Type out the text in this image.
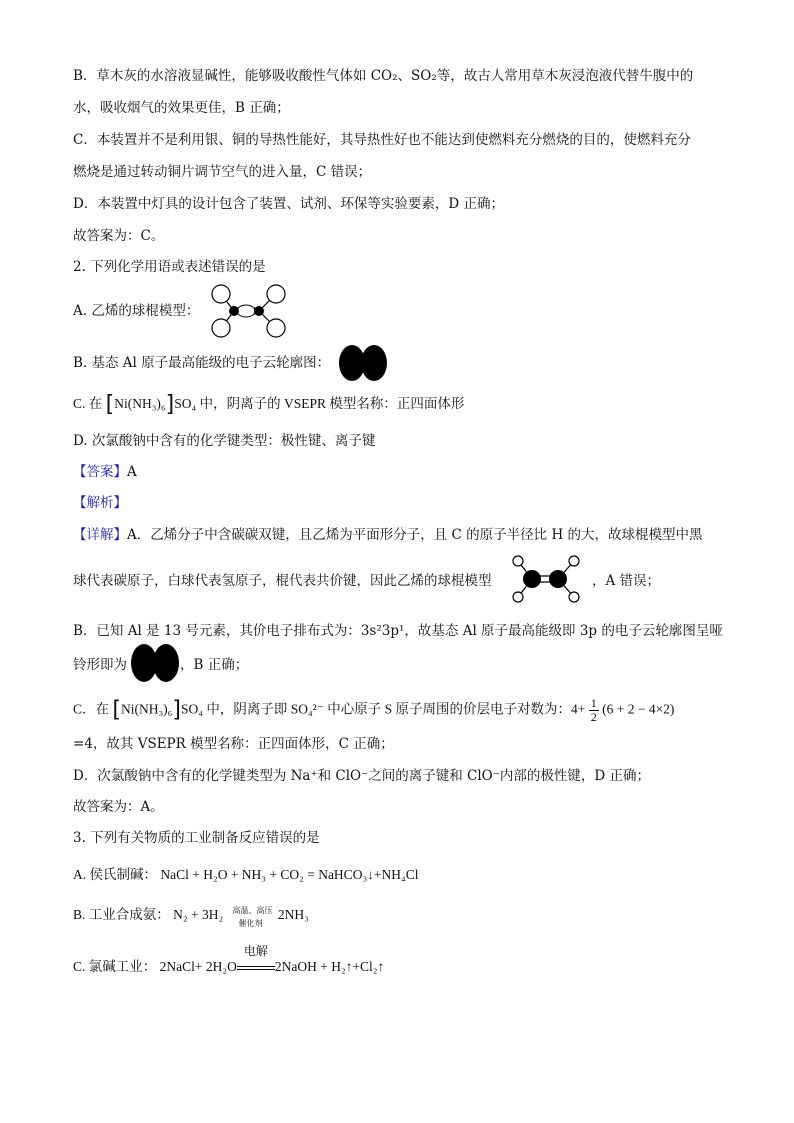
B．草木灰的水溶液显碱性，能够吸收酸性气体如 CO₂、SO₂等，故古人常用草木灰浸泡液代替牛腹中的
水，吸收烟气的效果更佳，B 正确；
C．本装置并不是利用银、铜的导热性能好，其导热性好也不能达到使燃料充分燃烧的目的，使燃料充分
燃烧是通过转动铜片调节空气的进入量，C 错误；
D．本装置中灯具的设计包含了装置、试剂、环保等实验要素，D 正确；
故答案为：C。
2. 下列化学用语或表述错误的是
A. 乙烯的球棍模型：
B. 基态 Al 原子最高能级的电子云轮廓图：
C. 在 [Ni(NH₃)₆]SO₄ 中，阴离子的 VSEPR 模型名称：正四面体形
D. 次氯酸钠中含有的化学键类型：极性键、离子键
【答案】A
【解析】
【详解】A．乙烯分子中含碳碳双键，且乙烯为平面形分子，且 C 的原子半径比 H 的大，故球棍模型中黑
球代表碳原子，白球代表氢原子，棍代表共价键，因此乙烯的球棍模型	，A 错误；
B．已知 Al 是 13 号元素，其价电子排布式为：3s²3p¹，故基态 Al 原子最高能级即 3p 的电子云轮廓图呈哑
铃形即为	，B 正确；
C．在 [Ni(NH₃)₆]SO₄ 中，阴离子即 SO₄²⁻ 中心原子 S 原子周围的价层电子对数为：$4+ \frac{1}{2} (6 + 2 - 4\times 2)$
=4，故其 VSEPR 模型名称：正四面体形，C 正确；
D．次氯酸钠中含有的化学键类型为 Na⁺和 ClO⁻之间的离子键和 ClO⁻内部的极性键，D 正确；
故答案为：A。
3. 下列有关物质的工业制备反应错误的是
A. 侯氏制碱： NaCl + H₂O + NH₃ + CO₂ = NaHCO₃↓+NH₄Cl
B. 工业合成氨： N₂ + 3H₂ 高温、高压
催化剂
2NH₃
C. 氯碱工业： 2NaCl+ 2H₂O
电解
2NaOH + H₂↑+Cl₂↑
